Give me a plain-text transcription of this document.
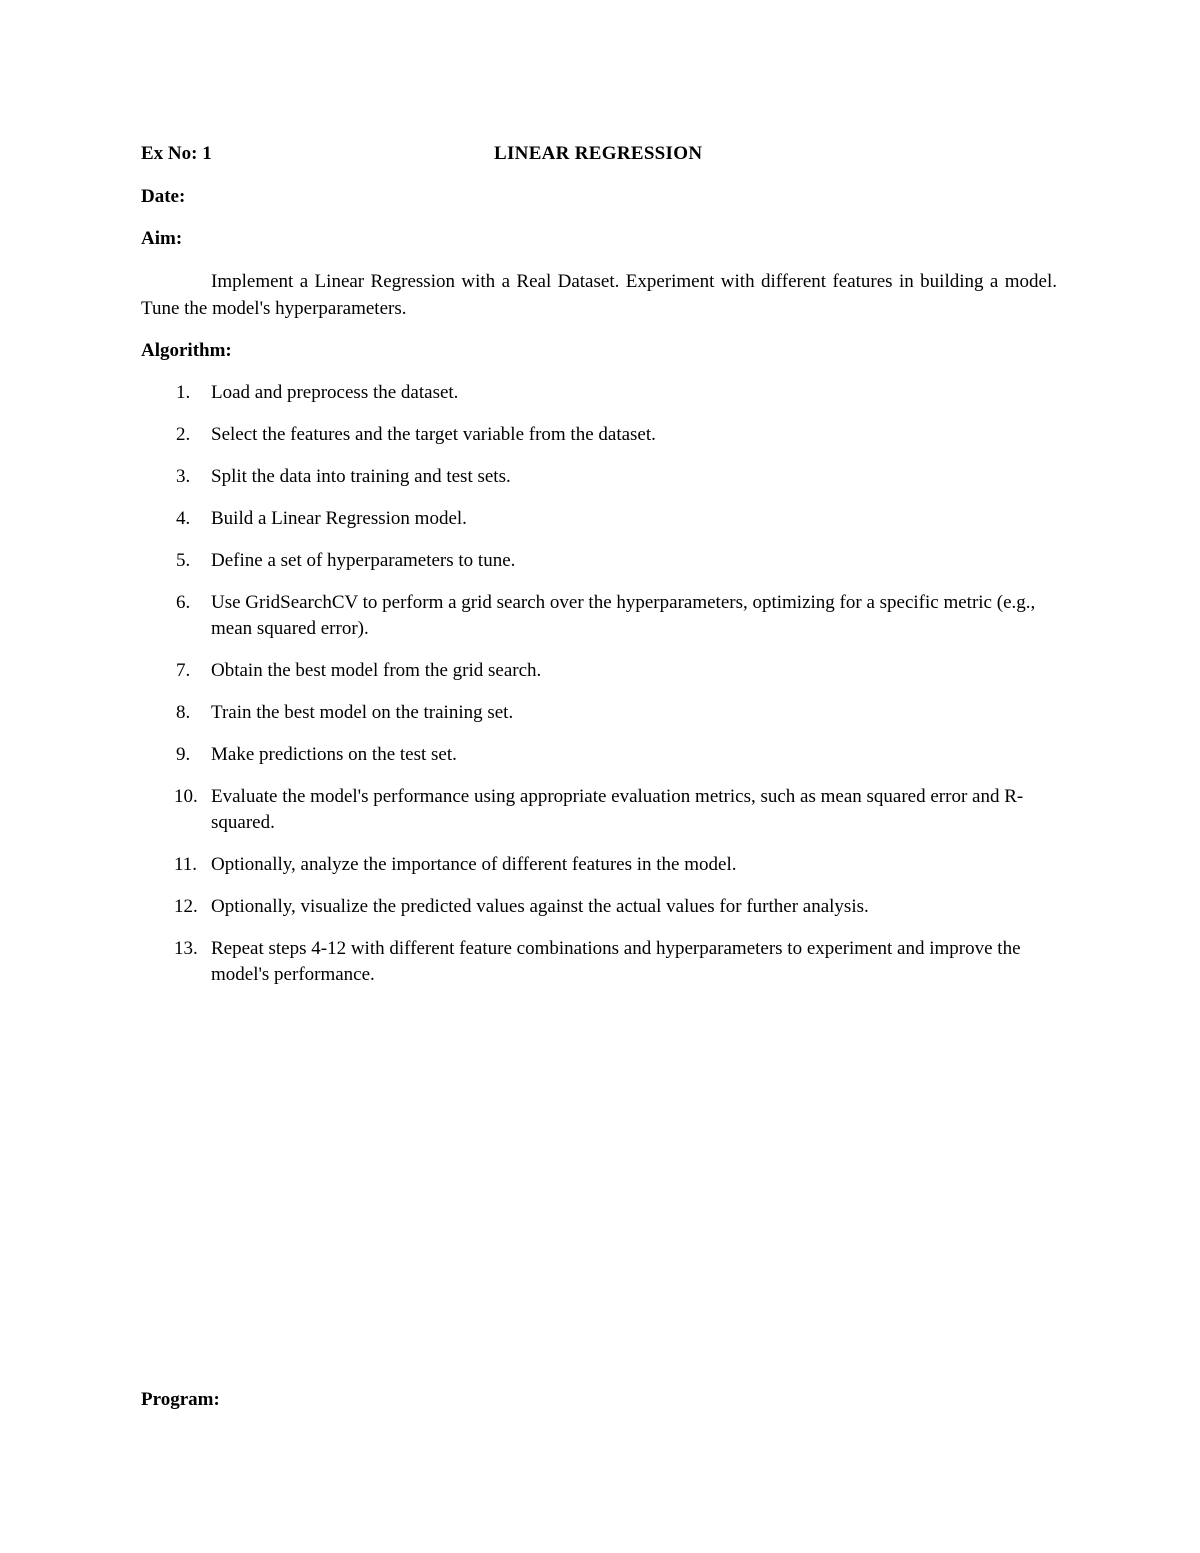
Ex No: 1	LINEAR REGRESSION
Date:
Aim:

Implement a Linear Regression with a Real Dataset. Experiment with different features in building a model. Tune the model's hyperparameters.

Algorithm:
1.	Load and preprocess the dataset.
2.	Select the features and the target variable from the dataset.
3.	Split the data into training and test sets.
4.	Build a Linear Regression model.
5.	Define a set of hyperparameters to tune.
6.	Use GridSearchCV to perform a grid search over the hyperparameters, optimizing for a specific metric (e.g., mean squared error).
7.	Obtain the best model from the grid search.
8.	Train the best model on the training set.
9.	Make predictions on the test set.
10. Evaluate the model's performance using appropriate evaluation metrics, such as mean squared error and R-squared.
11. Optionally, analyze the importance of different features in the model.
12. Optionally, visualize the predicted values against the actual values for further analysis.
13. Repeat steps 4-12 with different feature combinations and hyperparameters to experiment and improve the model's performance.
Program:
